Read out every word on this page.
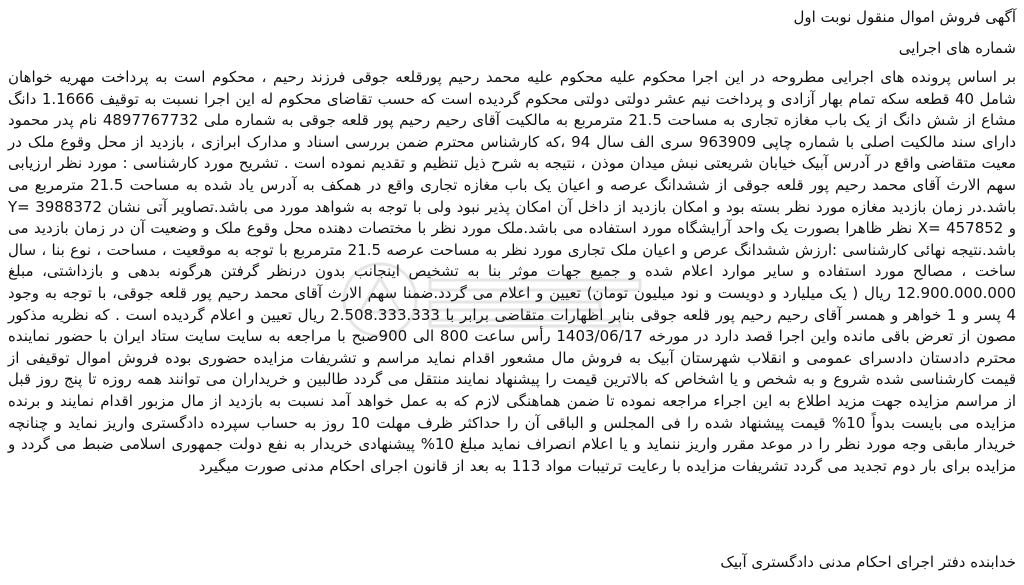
آگهی فروش اموال منقول نوبت اول
شماره های اجرایی

بر اساس پرونده های اجرایی مطروحه در این اجرا محکوم علیه محکوم علیه محمد رحیم پورقلعه جوقی فرزند رحیم ، محکوم است به پرداخت مهریه خواهان شامل 40 قطعه سکه تمام بهار آزادی و پرداخت نیم عشر دولتی دولتی محکوم گردیده است که حسب تقاضای محکوم له این اجرا نسبت به توقیف 1.1666 دانگ مشاع از شش دانگ از یک باب مغازه تجاری به مساحت 21.5 مترمربع به مالکیت آقای رحیم رحیم پور قلعه جوقی به شماره ملی 4897767732 نام پدر محمود دارای سند مالکیت اصلی با شماره چاپی 963909 سری الف سال 94 ،که کارشناس محترم ضمن بررسی اسناد و مدارک ابرازی ، بازدید از محل وقوع ملک در معیت متقاضی واقع در آدرس آبیک خیابان شریعتی نبش میدان موذن ، نتیجه به شرح ذیل تنظیم و تقدیم نموده است . تشریح مورد کارشناسی : مورد نظر ارزیابی سهم الارث آقای محمد رحیم پور قلعه جوقی از ششدانگ عرصه و اعیان یک باب مغازه تجاری واقع در همکف به آدرس یاد شده به مساحت 21.5 مترمربع می باشد.در زمان بازدید مغازه مورد نظر بسته بود و امکان بازدید از داخل آن امکان پذیر نبود ولی با توجه به شواهد مورد می باشد.تصاویر آتی نشان Y= 3988372 و X= 457852 نظر ظاهرا بصورت یک واحد آرایشگاه مورد استفاده می باشد.ملک مورد نظر با مختصات دهنده محل وقوع ملک و وضعیت آن در زمان بازدید می باشد.نتیجه نهائی کارشناسی :ارزش ششدانگ عرص و اعیان ملک تجاری مورد نظر به مساحت عرصه 21.5 مترمربع با توجه به موقعیت ، مساحت ، نوع بنا ، سال ساخت ، مصالح مورد استفاده و سایر موارد اعلام شده و جمیع جهات موثر بنا به تشخیص اینجانب بدون درنظر گرفتن هرگونه بدهی و بازداشتی، مبلغ 12.900.000.000 ریال ( یک میلیارد و دویست و نود میلیون تومان) تعیین و اعلام می گردد.ضمنا سهم الارث آقای محمد رحیم پور قلعه جوقی، با توجه به وجود 4 پسر و 1 خواهر و همسر آقای رحیم رحیم پور قلعه جوقی بنابر اظهارات متقاضی برابر با 2.508.333.333 ریال تعیین و اعلام گردیده است . که نظریه مذکور مصون از تعرض باقی مانده واین اجرا قصد دارد در مورخه 1403/06/17 رأس ساعت 800 الی 900صبح با مراجعه به سایت سایت ستاد ایران با حضور نماینده محترم دادستان دادسرای عمومی و انقلاب شهرستان آبیک به فروش مال مشعور اقدام نماید مراسم و تشریفات مزایده حضوری بوده فروش اموال توقیفی از قیمت کارشناسی شده شروع و به شخص و یا اشخاص که بالاترین قیمت را پیشنهاد نمایند منتقل می گردد طالبین و خریداران می توانند همه روزه تا پنج روز قبل از مراسم مزایده جهت مزید اطلاع به این اجراء مراجعه نموده تا ضمن هماهنگی لازم که به عمل خواهد آمد نسبت به بازدید از مال مزبور اقدام نمایند و برنده مزایده می بایست بدواً 10% قیمت پیشنهاد شده را فی المجلس و الباقی آن را حداکثر ظرف مهلت 10 روز به حساب سپرده دادگستری واریز نماید و چنانچه خریدار مابقی وجه مورد نظر را در موعد مقرر واریز ننماید و یا اعلام انصراف نماید مبلغ 10% پیشنهادی خریدار به نفع دولت جمهوری اسلامی ضبط می گردد و مزایده برای بار دوم تجدید می گردد تشریفات مزایده با رعایت ترتیبات مواد 113 به بعد از قانون اجرای احکام مدنی صورت میگیرد

خدابنده دفتر اجرای احکام مدنی دادگستری آبیک
